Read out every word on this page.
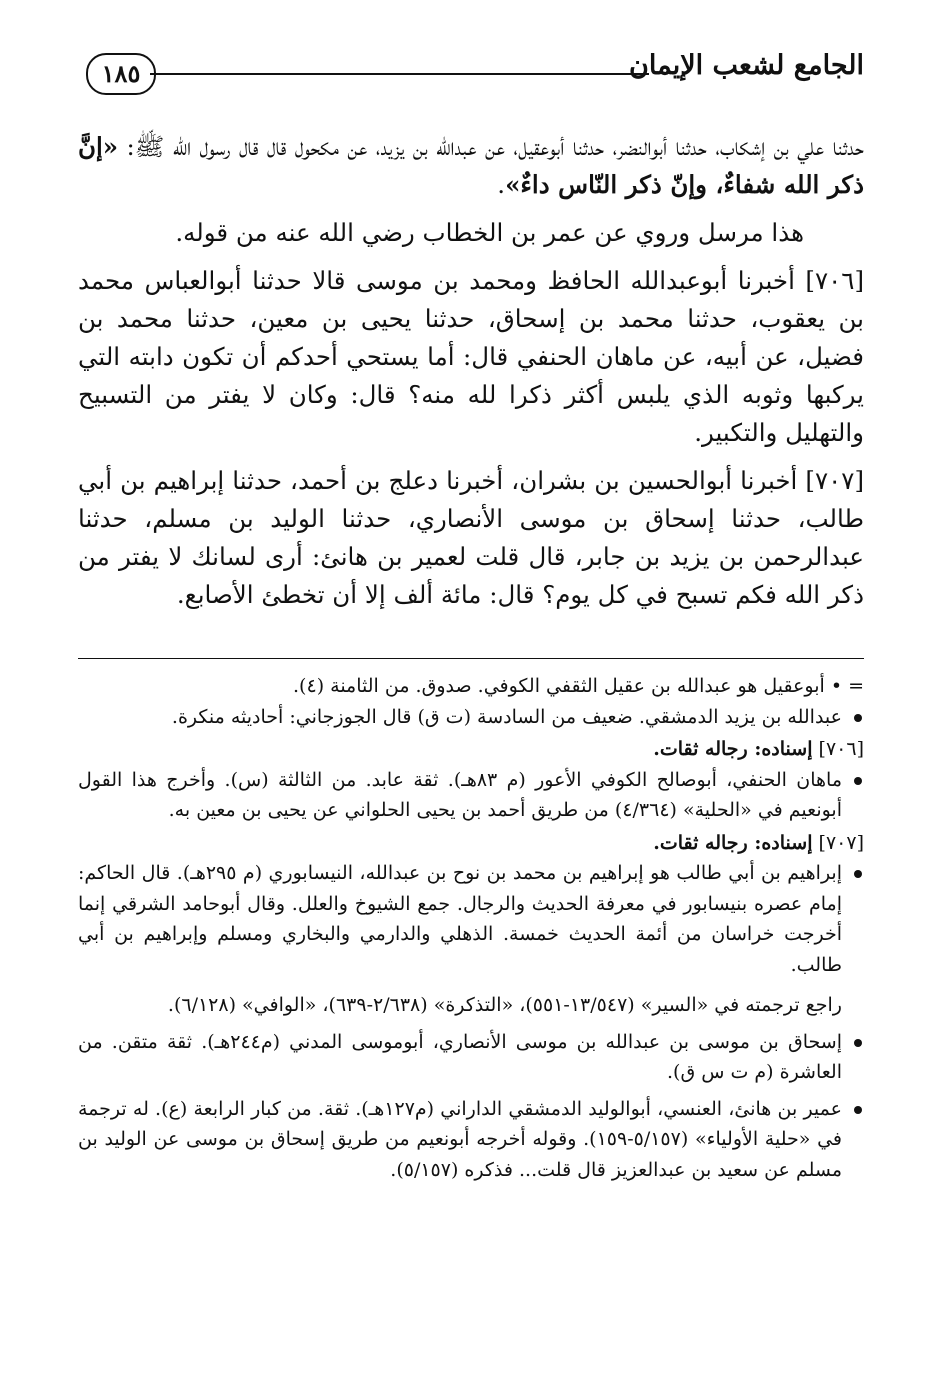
الجامع لشعب الإيمان
١٨٥

حدثنا علي بن إشكاب، حدثنا أبوالنضر، حدثنا أبوعقيل، عن عبدالله بن يزيد، عن مكحول قال قال رسول الله ﷺ: «إنَّ ذكر الله شفاءٌ، وإنّ ذكر النّاس داءٌ».

هذا مرسل وروي عن عمر بن الخطاب رضي الله عنه من قوله.

[٧٠٦] أخبرنا أبوعبدالله الحافظ ومحمد بن موسى قالا حدثنا أبوالعباس محمد بن يعقوب، حدثنا محمد بن إسحاق، حدثنا يحيى بن معين، حدثنا محمد بن فضيل، عن أبيه، عن ماهان الحنفي قال: أما يستحي أحدكم أن تكون دابته التي يركبها وثوبه الذي يلبس أكثر ذكرا لله منه؟ قال: وكان لا يفتر من التسبيح والتهليل والتكبير.

[٧٠٧] أخبرنا أبوالحسين بن بشران، أخبرنا دعلج بن أحمد، حدثنا إبراهيم بن أبي طالب، حدثنا إسحاق بن موسى الأنصاري، حدثنا الوليد بن مسلم، حدثنا عبدالرحمن بن يزيد بن جابر، قال قلت لعمير بن هانئ: أرى لسانك لا يفتر من ذكر الله فكم تسبح في كل يوم؟ قال: مائة ألف إلا أن تخطئ الأصابع.

= • أبوعقيل هو عبدالله بن عقيل الثقفي الكوفي. صدوق. من الثامنة (٤).
عبدالله بن يزيد الدمشقي. ضعيف من السادسة (ت ق) قال الجوزجاني: أحاديثه منكرة.
[٧٠٦] إسناده: رجاله ثقات.
ماهان الحنفي، أبوصالح الكوفي الأعور (م ٨٣هـ). ثقة عابد. من الثالثة (س). وأخرج هذا القول أبونعيم في «الحلية» (٤/٣٦٤) من طريق أحمد بن يحيى الحلواني عن يحيى بن معين به.
[٧٠٧] إسناده: رجاله ثقات.
إبراهيم بن أبي طالب هو إبراهيم بن محمد بن نوح بن عبدالله، النيسابوري (م ٢٩٥هـ). قال الحاكم: إمام عصره بنيسابور في معرفة الحديث والرجال. جمع الشيوخ والعلل. وقال أبوحامد الشرقي إنما أخرجت خراسان من أئمة الحديث خمسة. الذهلي والدارمي والبخاري ومسلم وإبراهيم بن أبي طالب.
راجع ترجمته في «السير» (١٣/٥٤٧-٥٥١)، «التذكرة» (٢/٦٣٨-٦٣٩)، «الوافي» (٦/١٢٨).
إسحاق بن موسى بن عبدالله بن موسى الأنصاري، أبوموسى المدني (م٢٤٤هـ). ثقة متقن. من العاشرة (م ت س ق).
عمير بن هانئ، العنسي، أبوالوليد الدمشقي الداراني (م١٢٧هـ). ثقة. من كبار الرابعة (ع). له ترجمة في «حلية الأولياء» (٥/١٥٧-١٥٩). وقوله أخرجه أبونعيم من طريق إسحاق بن موسى عن الوليد بن مسلم عن سعيد بن عبدالعزيز قال قلت... فذكره (٥/١٥٧).
